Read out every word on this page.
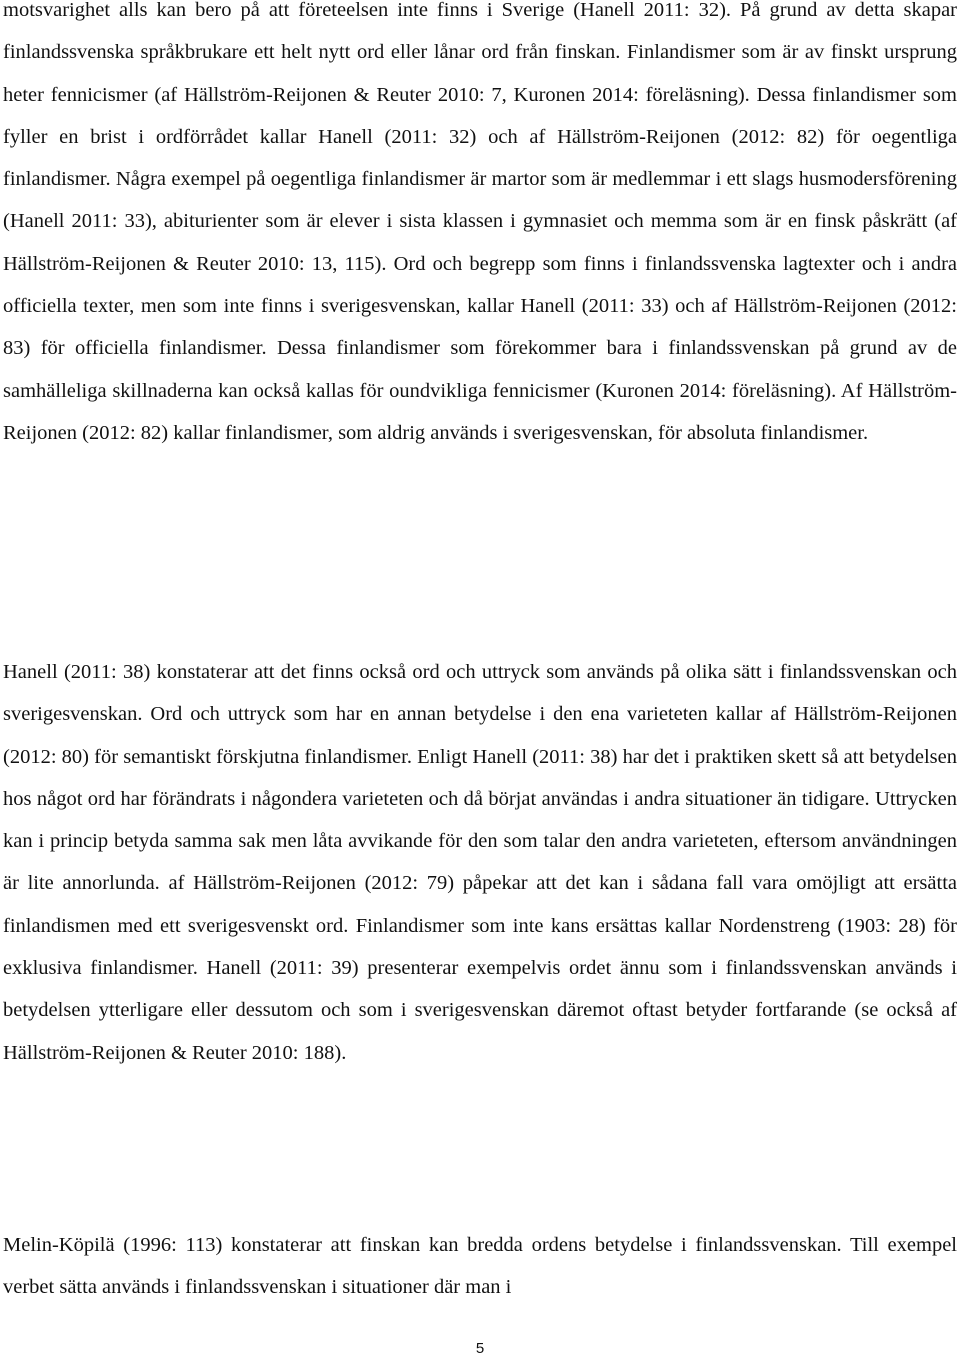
motsvarighet alls kan bero på att företeelsen inte finns i Sverige (Hanell 2011: 32). På grund av detta skapar finlandssvenska språkbrukare ett helt nytt ord eller lånar ord från finskan. Finlandismer som är av finskt ursprung heter fennicismer (af Hällström-Reijonen & Reuter 2010: 7, Kuronen 2014: föreläsning). Dessa finlandismer som fyller en brist i ordförrådet kallar Hanell (2011: 32) och af Hällström-Reijonen (2012: 82) för oegentliga finlandismer. Några exempel på oegentliga finlandismer är martor som är medlemmar i ett slags husmodersförening (Hanell 2011: 33), abiturienter som är elever i sista klassen i gymnasiet och memma som är en finsk påskrätt (af Hällström-Reijonen & Reuter 2010: 13, 115). Ord och begrepp som finns i finlandssvenska lagtexter och i andra officiella texter, men som inte finns i sverigesvenskan, kallar Hanell (2011: 33) och af Hällström-Reijonen (2012: 83) för officiella finlandismer. Dessa finlandismer som förekommer bara i finlandssvenskan på grund av de samhälleliga skillnaderna kan också kallas för oundvikliga fennicismer (Kuronen 2014: föreläsning). Af Hällström-Reijonen (2012: 82) kallar finlandismer, som aldrig används i sverigesvenskan, för absoluta finlandismer.

Hanell (2011: 38) konstaterar att det finns också ord och uttryck som används på olika sätt i finlandssvenskan och sverigesvenskan. Ord och uttryck som har en annan betydelse i den ena varieteten kallar af Hällström-Reijonen (2012: 80) för semantiskt förskjutna finlandismer. Enligt Hanell (2011: 38) har det i praktiken skett så att betydelsen hos något ord har förändrats i någondera varieteten och då börjat användas i andra situationer än tidigare. Uttrycken kan i princip betyda samma sak men låta avvikande för den som talar den andra varieteten, eftersom användningen är lite annorlunda. af Hällström-Reijonen (2012: 79) påpekar att det kan i sådana fall vara omöjligt att ersätta finlandismen med ett sverigesvenskt ord. Finlandismer som inte kans ersättas kallar Nordenstreng (1903: 28) för exklusiva finlandismer. Hanell (2011: 39) presenterar exempelvis ordet ännu som i finlandssvenskan används i betydelsen ytterligare eller dessutom och som i sverigesvenskan däremot oftast betyder fortfarande (se också af Hällström-Reijonen & Reuter 2010: 188).

Melin-Köpilä (1996: 113) konstaterar att finskan kan bredda ordens betydelse i finlandssvenskan. Till exempel verbet sätta används i finlandssvenskan i situationer där man i

5
